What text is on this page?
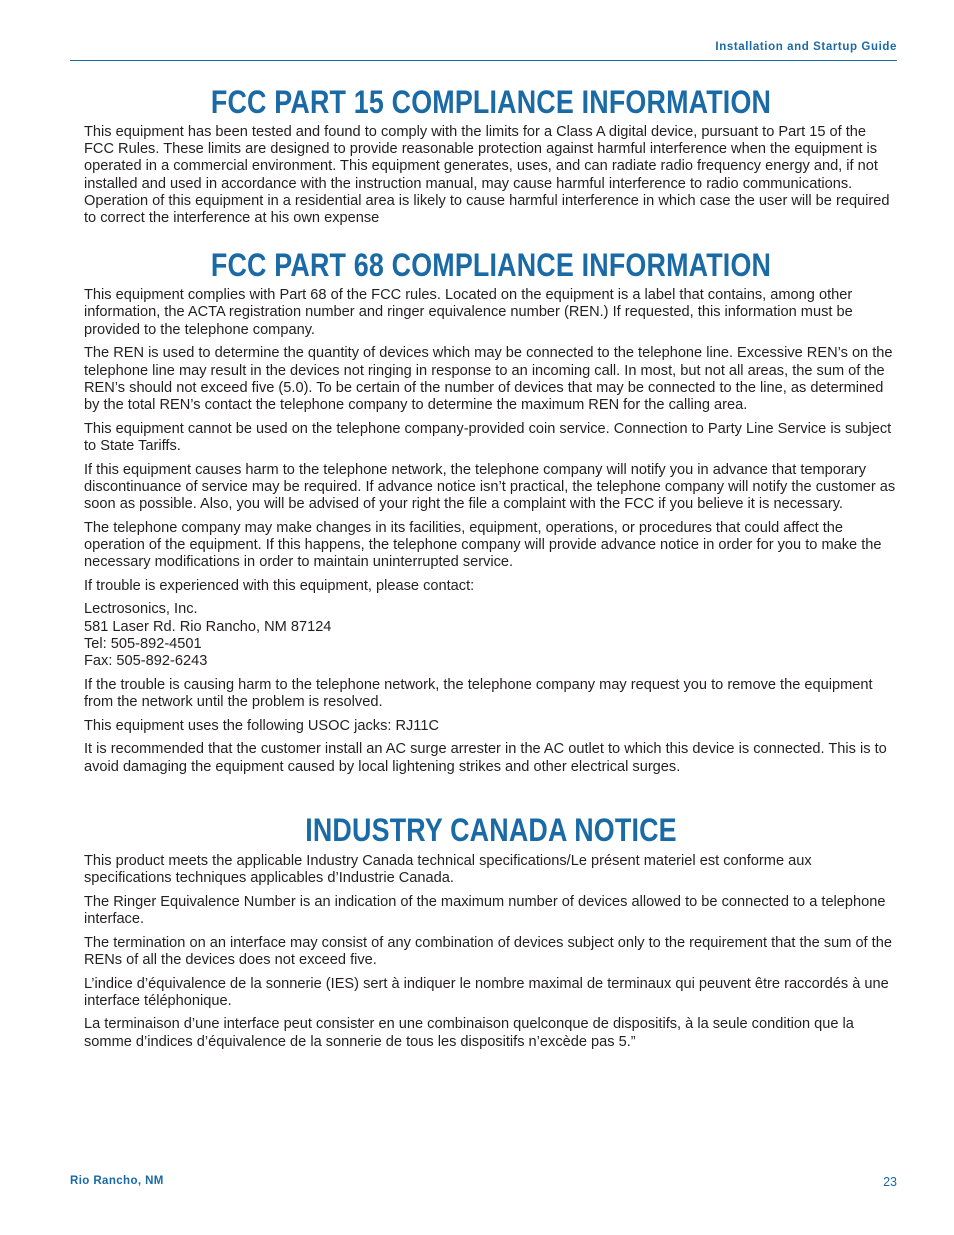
Installation and Startup Guide
FCC PART 15 COMPLIANCE INFORMATION

This equipment has been tested and found to comply with the limits for a Class A digital device, pursuant to Part 15 of the FCC Rules. These limits are designed to provide reasonable protection against harmful interference when the equipment is operated in a commercial environment. This equipment generates, uses, and can radiate radio frequency energy and, if not installed and used in accordance with the instruction manual, may cause harmful interference to radio communications. Operation of this equipment in a residential area is likely to cause harmful interference in which case the user will be required to correct the interference at his own expense

FCC PART 68 COMPLIANCE INFORMATION

This equipment complies with Part 68 of the FCC rules. Located on the equipment is a label that contains, among other information, the ACTA registration number and ringer equivalence number (REN.) If requested, this information must be provided to the telephone company.

The REN is used to determine the quantity of devices which may be connected to the telephone line. Excessive REN’s on the telephone line may result in the devices not ringing in response to an incoming call. In most, but not all areas, the sum of the REN’s should not exceed five (5.0). To be certain of the number of devices that may be connected to the line, as determined by the total REN’s contact the telephone company to determine the maximum REN for the calling area.

This equipment cannot be used on the telephone company-provided coin service. Connection to Party Line Service is subject to State Tariffs.

If this equipment causes harm to the telephone network, the telephone company will notify you in advance that temporary discontinuance of service may be required. If advance notice isn’t practical, the telephone company will notify the customer as soon as possible. Also, you will be advised of your right the file a complaint with the FCC if you believe it is necessary.

The telephone company may make changes in its facilities, equipment, operations, or procedures that could affect the operation of the equipment. If this happens, the telephone company will provide advance notice in order for you to make the necessary modifications in order to maintain uninterrupted service.

If trouble is experienced with this equipment, please contact:

Lectrosonics, Inc.

581 Laser Rd. Rio Rancho, NM 87124

Tel: 505-892-4501

Fax: 505-892-6243

If the trouble is causing harm to the telephone network, the telephone company may request you to remove the equipment from the network until the problem is resolved.

This equipment uses the following USOC jacks: RJ11C

It is recommended that the customer install an AC surge arrester in the AC outlet to which this device is connected. This is to avoid damaging the equipment caused by local lightening strikes and other electrical surges.

INDUSTRY CANADA NOTICE

This product meets the applicable Industry Canada technical specifications/Le présent materiel est conforme aux specifications techniques applicables d’Industrie Canada.

The Ringer Equivalence Number is an indication of the maximum number of devices allowed to be connected to a telephone interface.

The termination on an interface may consist of any combination of devices subject only to the requirement that the sum of the RENs of all the devices does not exceed five.

L’indice d’équivalence de la sonnerie (IES) sert à indiquer le nombre maximal de terminaux qui peuvent être raccordés à une interface téléphonique.

La terminaison d’une interface peut consister en une combinaison quelconque de dispositifs, à la seule condition que la somme d’indices d’équivalence de la sonnerie de tous les dispositifs n’excède pas 5.”

Rio Rancho, NM	23
